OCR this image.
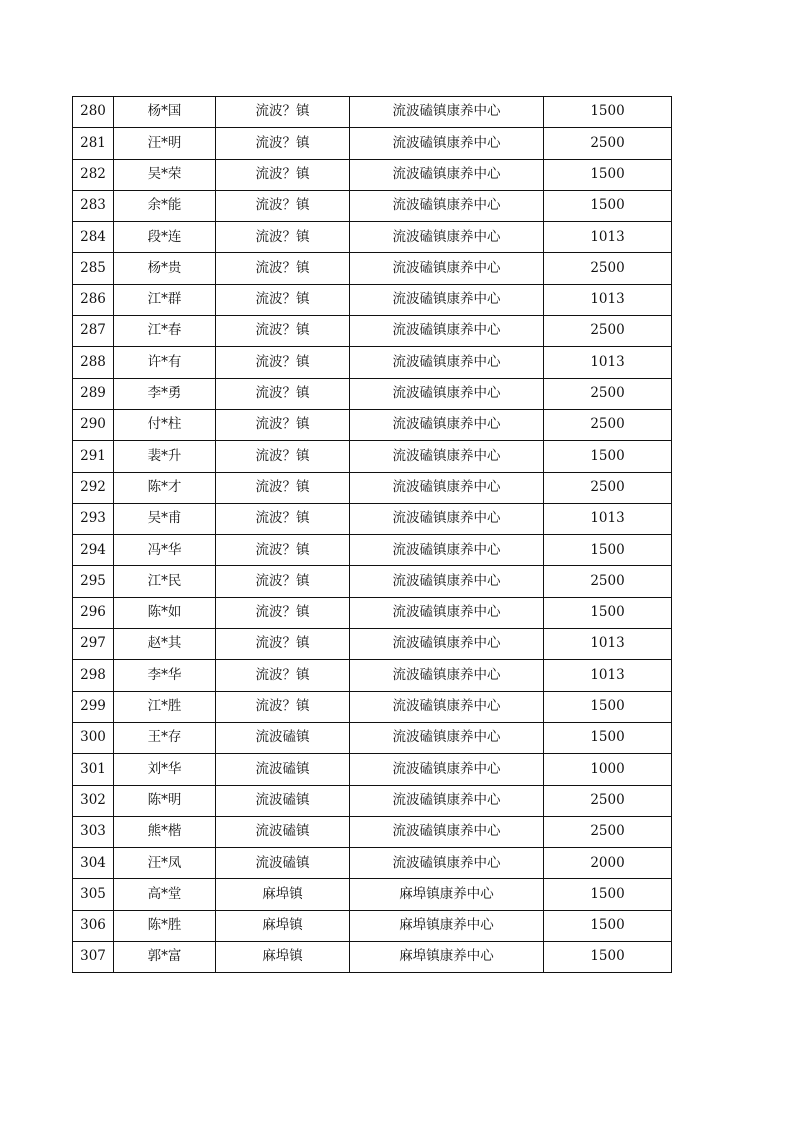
280	杨*国	流波？镇	流波磕镇康养中心	1500
281	汪*明	流波？镇	流波磕镇康养中心	2500
282	吴*荣	流波？镇	流波磕镇康养中心	1500
283	余*能	流波？镇	流波磕镇康养中心	1500
284	段*连	流波？镇	流波磕镇康养中心	1013
285	杨*贵	流波？镇	流波磕镇康养中心	2500
286	江*群	流波？镇	流波磕镇康养中心	1013
287	江*春	流波？镇	流波磕镇康养中心	2500
288	许*有	流波？镇	流波磕镇康养中心	1013
289	李*勇	流波？镇	流波磕镇康养中心	2500
290	付*柱	流波？镇	流波磕镇康养中心	2500
291	裴*升	流波？镇	流波磕镇康养中心	1500
292	陈*才	流波？镇	流波磕镇康养中心	2500
293	吴*甫	流波？镇	流波磕镇康养中心	1013
294	冯*华	流波？镇	流波磕镇康养中心	1500
295	江*民	流波？镇	流波磕镇康养中心	2500
296	陈*如	流波？镇	流波磕镇康养中心	1500
297	赵*其	流波？镇	流波磕镇康养中心	1013
298	李*华	流波？镇	流波磕镇康养中心	1013
299	江*胜	流波？镇	流波磕镇康养中心	1500
300	王*存	流波磕镇	流波磕镇康养中心	1500
301	刘*华	流波磕镇	流波磕镇康养中心	1000
302	陈*明	流波磕镇	流波磕镇康养中心	2500
303	熊*楷	流波磕镇	流波磕镇康养中心	2500
304	汪*凤	流波磕镇	流波磕镇康养中心	2000
305	高*堂	麻埠镇	麻埠镇康养中心	1500
306	陈*胜	麻埠镇	麻埠镇康养中心	1500
307	郭*富	麻埠镇	麻埠镇康养中心	1500
